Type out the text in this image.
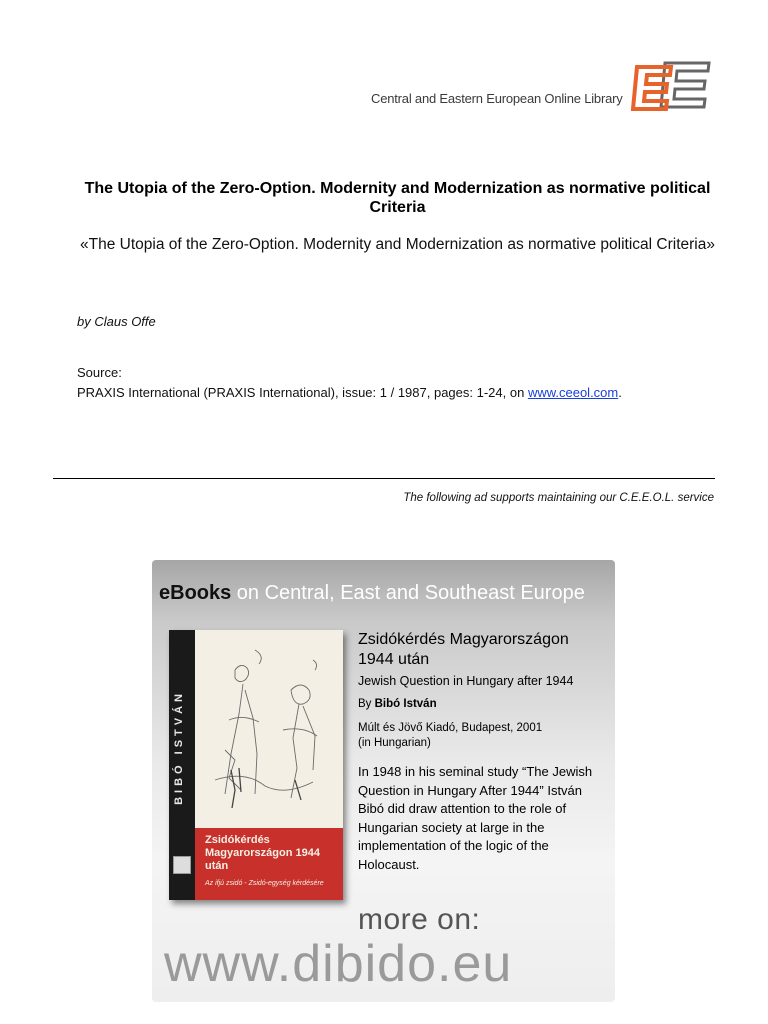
Central and Eastern European Online Library
The Utopia of the Zero-Option. Modernity and Modernization as normative political Criteria
«The Utopia of the Zero-Option. Modernity and Modernization as normative political Criteria»
by Claus Offe
Source:
PRAXIS International (PRAXIS International), issue: 1 / 1987, pages: 1-24, on www.ceeol.com.
The following ad supports maintaining our C.E.E.O.L. service
eBooks on Central, East and Southeast Europe
BIBÓ ISTVÁN
Zsidókérdés Magyarországon 1944 után
Az ifjú zsidó - Zsidó-egység kérdésére
Zsidókérdés Magyarországon 1944 után
Jewish Question in Hungary after 1944
By Bibó István
Múlt és Jövő Kiadó, Budapest, 2001
(in Hungarian)
In 1948 in his seminal study “The Jewish Question in Hungary After 1944” István Bibó did draw attention to the role of Hungarian society at large in the implementation of the logic of the Holocaust.
more on:
www.dibido.eu
